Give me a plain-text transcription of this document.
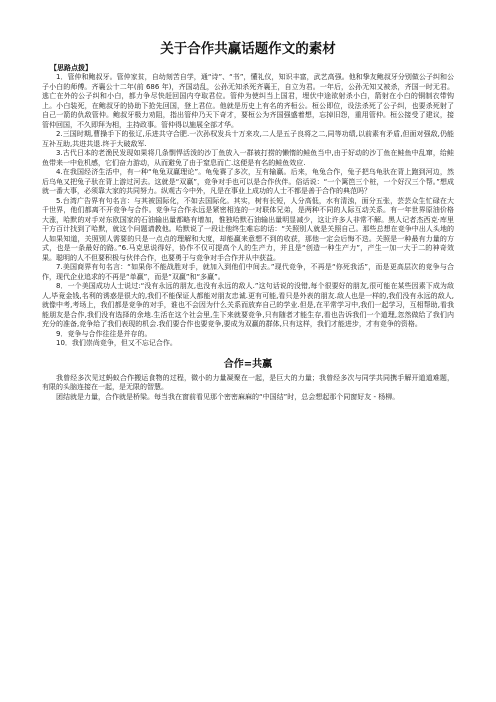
关于合作共赢话题作文的素材
【思路点拨】

1．管仲和鲍叔牙。管仲家贫，自幼刻苦自学，通“诗”、“书”，懂礼仪，知识丰富，武艺高强。他和挚友鲍叔牙分别做公子纠和公子小白的师傅。齐襄公十二年(前 686 年)，齐国动乱，公孙无知杀死齐襄王，自立为君。一年后，公孙无知又被杀，齐国一时无君。逃亡在外的公子纠和小白，都力争尽快赶回国内夺取君位。管仲为使纠当上国君，埋伏中途欲射杀小白，箭射在小白的铜制衣带钩上。小白装死，在鲍叔牙的协助下抢先回国，登上君位。他就是历史上有名的齐桓公。桓公即位，设法杀死了公子纠，也要杀死射了自己一箭的仇敌管仲。鲍叔牙极力劝阻，指出管仲乃天下奇才，要桓公为齐国强盛着想，忘掉旧怨，重用管仲。桓公接受了建议，接管仲回国，不久即拜为相，主持政事。管仲得以施展全部才华。

2.三国时期,曹操手下的张辽,乐进共守合肥.一次孙权发兵十万来攻,二人是五子良将之二,同等功绩,以前素有矛盾,但面对强敌,仍能互补互助,共进共退.终于大破敌军.

3.古代日本的老渔民发现如果将几条剽悍活泼的沙丁鱼放入一群被打捞的懒惰的鲑鱼当中,由于好动的沙丁鱼在鲑鱼中乱窜，给鲑鱼带来一中危机感，它们奋力游动，从而避免了由于窒息而亡.这便是有名的鲑鱼效应.

4.在我国经济生活中，有一种“龟兔双赢理论”。龟兔赛了多次，互有输赢。后来，龟兔合作，兔子把乌龟驮在背上跑到河边，然后乌龟又把兔子驮在背上游过河去。这就是“双赢”，竞争对手也可以是合作伙伴。俗话说：“一个篱笆三个桩，一个好汉三个帮。”想成就一番大事，必须靠大家的共同努力。纵观古今中外，凡是在事业上成功的人士不都是善于合作的典范吗？

5.台湾广告界有句名言：与其被国际化，不如去国际化。其实，树有长短，人分高低，水有清浊，面分五张，芸芸众生忙碌在大千世界，他们都离不开竞争与合作。竞争与合作永远是紧密相连的一对联体兄弟，是两种不同的人际互动关系。有一年世界原油价格大涨，哈默的对手对东欧国家的石油输出量都略有增加，惟独哈默石油输出量明显减少，这让许多人非常不解。黑人记者杰西克·库里干方百计找到了哈默，就这个问题请教他。哈默说了一段让他终生难忘的话：“关照别人就是关照自己。那些总想在竞争中出人头地的人如果知道，关照别人需要的只是一点点的理解和大度，却能赢来意想不到的收获，那他一定会后悔不迭。关照是一种最有力量的方式，也是一条最好的路。”6.马克思说得好，协作不仅可提高个人的生产力，并且是“创造一种生产力”，产生一加一大于二的神奇效果。聪明的人不但要积极与伙伴合作，也要勇于与竞争对手合作并从中获益。

7.美国商界有句名言：“如果你不能战胜对手，就加入到他们中间去。”现代竞争，不再是“你死我活”，而是更高层次的竞争与合作，现代企业追求的不再是“单赢”，而是“双赢”和“多赢”。

8．一个美国成功人士说过:“没有永远的朋友,也没有永远的敌人.”这句话说的没错,每个很要好的朋友,很可能在某些因素下成为敌人,毕竟金钱,名利的诱惑是很大的,我们不能保证人都能对朋友忠诚.更有可能,看只是外表的朋友.敌人也是一样的,我们没有永远的敌人,就像中考,考场上，我们都是竞争的对手，谁也不会因为什么关系而放弃自己的学业.但是,在平常学习中,我们一起学习，互相帮助,看我能朋友是合作,我们没有选择的余地.生活在这个社会里,生下来就要竞争,只有随者才能生存,看也告诉我们一个道理,忽然做给了我们内充分的准备,竞争给了我们表现的机会.我们要合作也要竞争,要成为双赢的群体,只有这样，我们才能进步，才有竞争的资格。

9．竞争与合作往往是并存的。

10．我们崇尚竞争，但又不忘记合作。

合作=共赢

我曾经多次见过蚂蚁合作搬运食物的过程，微小的力量凝聚在一起，是巨大的力量；我曾经多次与同学共同携手解开道道难题，有限的头脑连接在一起，是无限的智慧。

团结就是力量，合作就是桥梁。每当我在窗前看见那个密密麻麻的“中国结”时，总会想起那个同窗好友 - 杨柳。
